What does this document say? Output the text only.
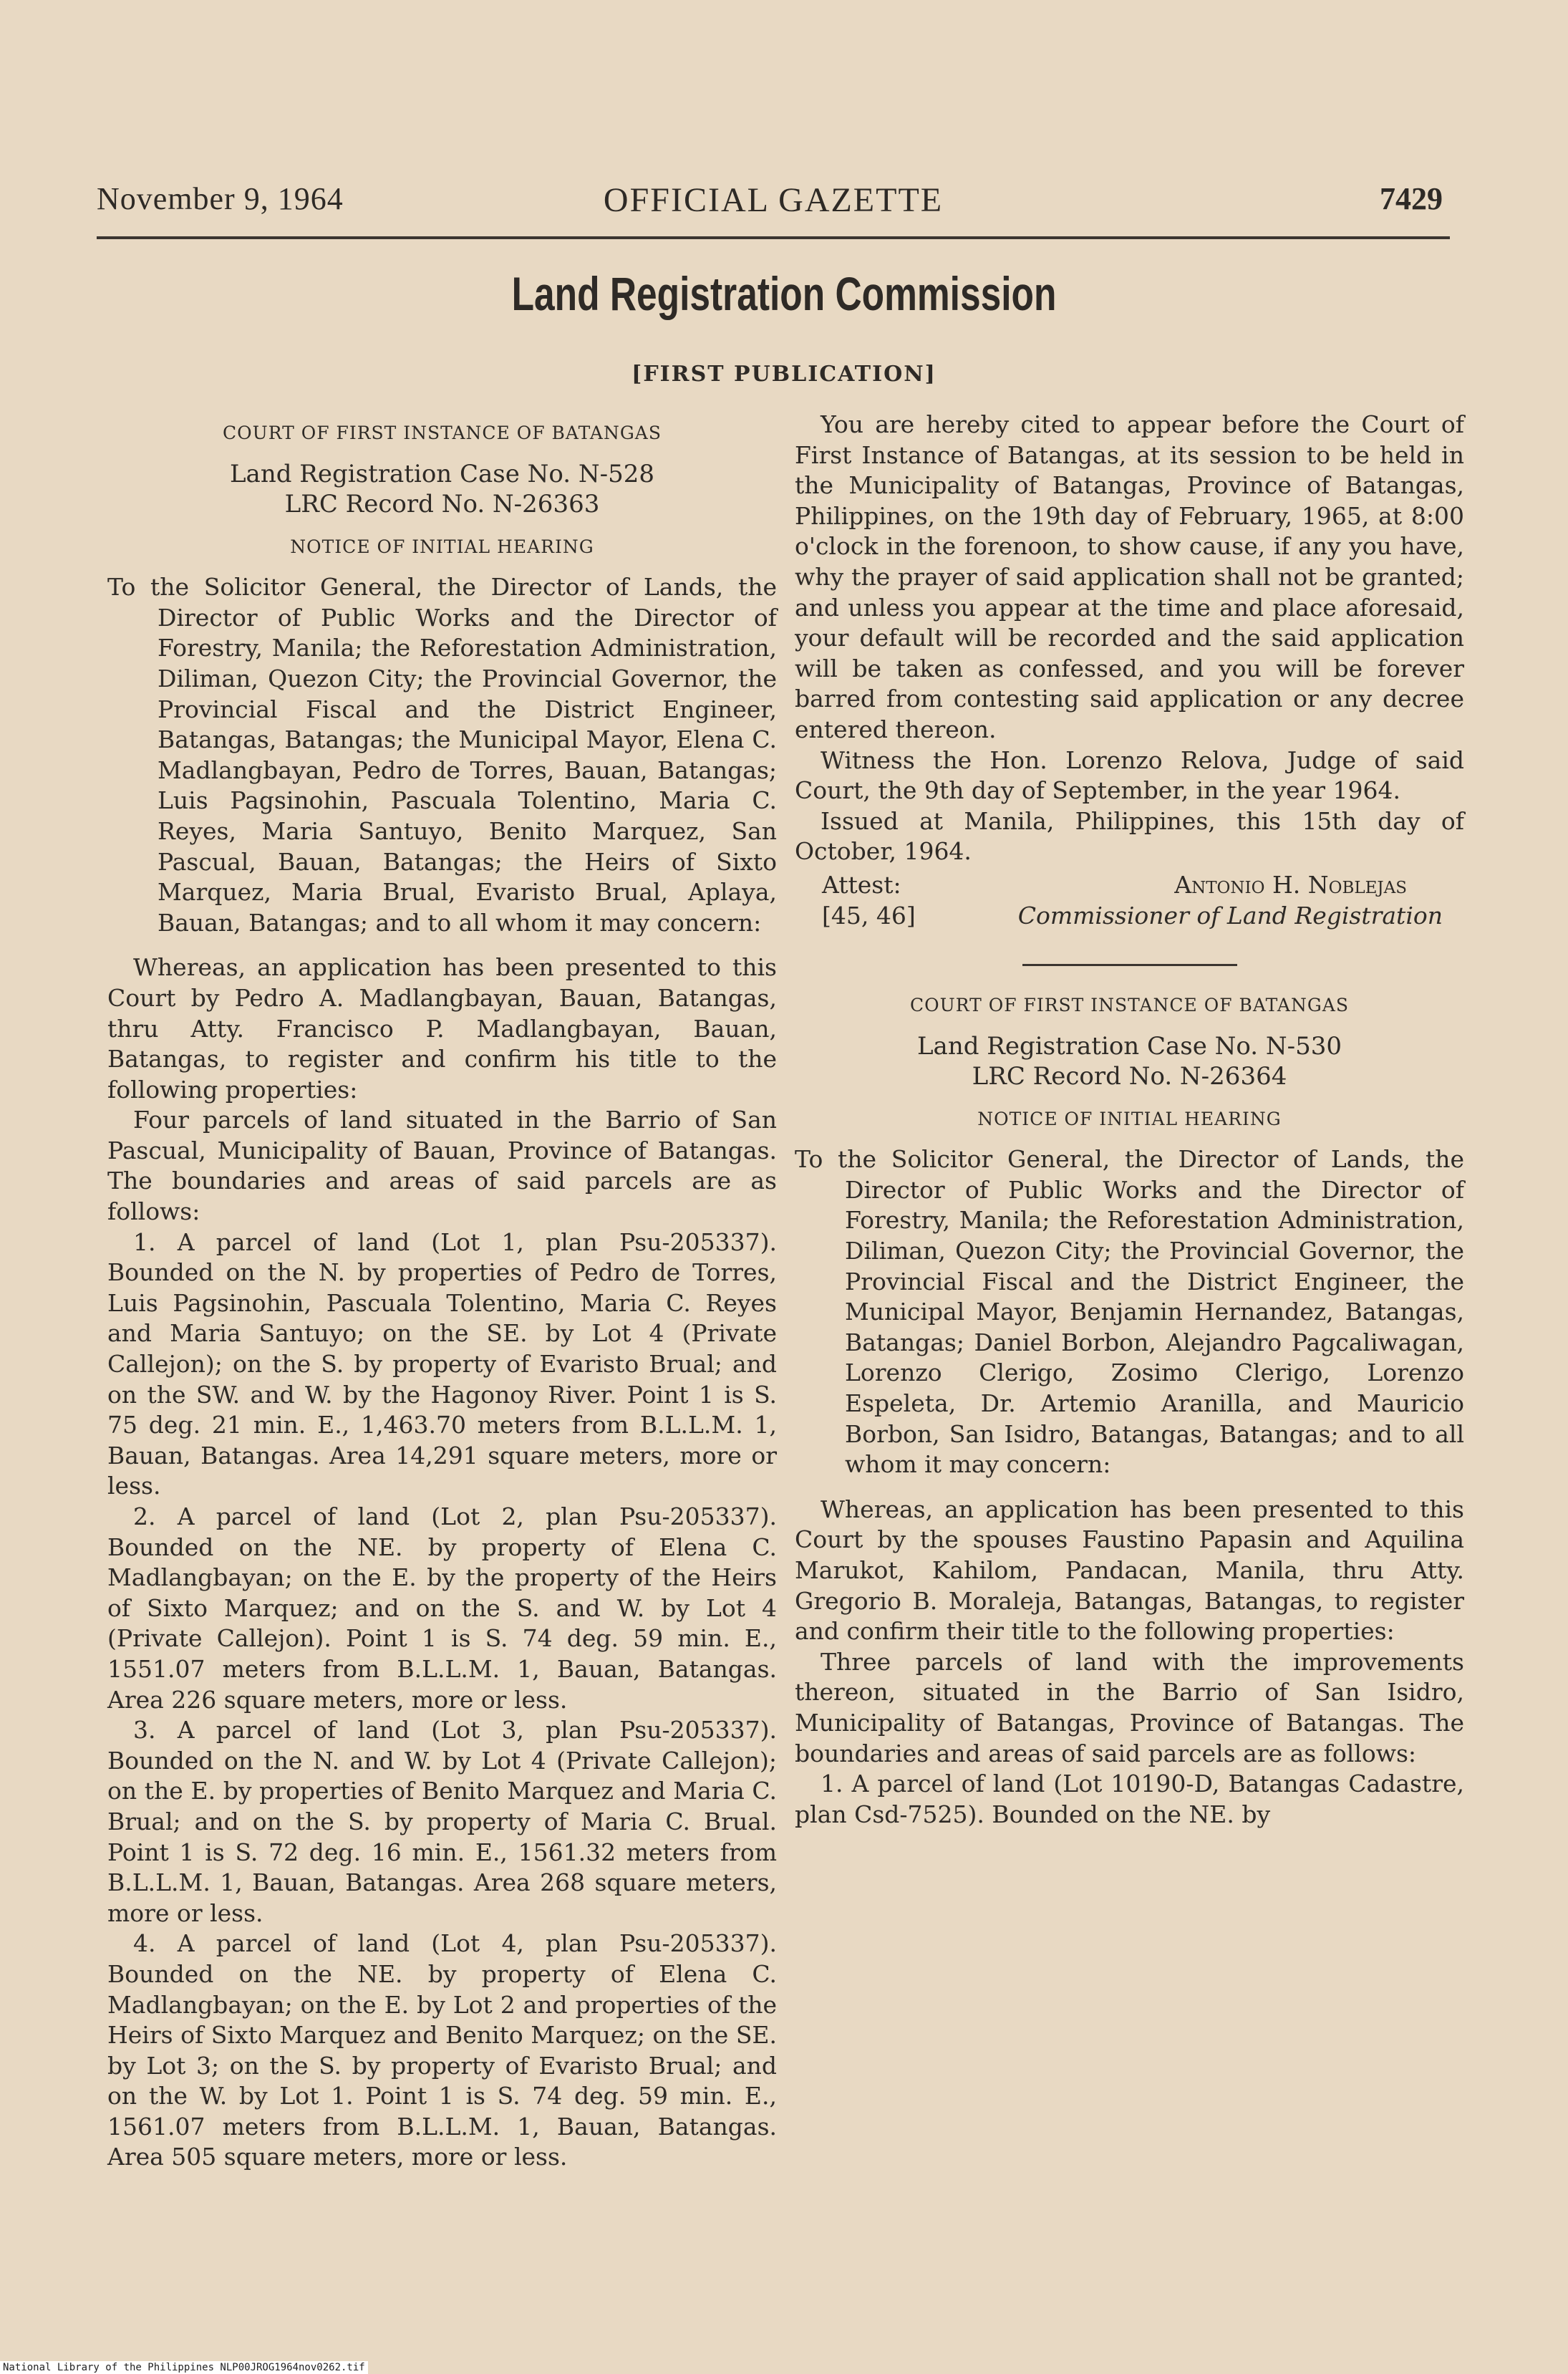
November 9, 1964	OFFICIAL GAZETTE	7429
Land Registration Commission
[FIRST PUBLICATION]
COURT OF FIRST INSTANCE OF BATANGAS
Land Registration Case No. N-528
LRC Record No. N-26363
NOTICE OF INITIAL HEARING

To the Solicitor General, the Director of Lands, the Director of Public Works and the Director of Forestry, Manila; the Reforestation Administration, Diliman, Quezon City; the Provincial Governor, the Provincial Fiscal and the District Engineer, Batangas, Batangas; the Municipal Mayor, Elena C. Madlangbayan, Pedro de Torres, Bauan, Batangas; Luis Pagsinohin, Pascuala Tolentino, Maria C. Reyes, Maria Santuyo, Benito Marquez, San Pascual, Bauan, Batangas; the Heirs of Sixto Marquez, Maria Brual, Evaristo Brual, Aplaya, Bauan, Batangas; and to all whom it may concern:

Whereas, an application has been presented to this Court by Pedro A. Madlangbayan, Bauan, Batangas, thru Atty. Francisco P. Madlangbayan, Bauan, Batangas, to register and confirm his title to the following properties:

Four parcels of land situated in the Barrio of San Pascual, Municipality of Bauan, Province of Batangas. The boundaries and areas of said parcels are as follows:

1. A parcel of land (Lot 1, plan Psu-205337). Bounded on the N. by properties of Pedro de Torres, Luis Pagsinohin, Pascuala Tolentino, Maria C. Reyes and Maria Santuyo; on the SE. by Lot 4 (Private Callejon); on the S. by property of Evaristo Brual; and on the SW. and W. by the Hagonoy River. Point 1 is S. 75 deg. 21 min. E., 1,463.70 meters from B.L.L.M. 1, Bauan, Batangas. Area 14,291 square meters, more or less.

2. A parcel of land (Lot 2, plan Psu-205337). Bounded on the NE. by property of Elena C. Madlangbayan; on the E. by the property of the Heirs of Sixto Marquez; and on the S. and W. by Lot 4 (Private Callejon). Point 1 is S. 74 deg. 59 min. E., 1551.07 meters from B.L.L.M. 1, Bauan, Batangas. Area 226 square meters, more or less.

3. A parcel of land (Lot 3, plan Psu-205337). Bounded on the N. and W. by Lot 4 (Private Callejon); on the E. by properties of Benito Marquez and Maria C. Brual; and on the S. by property of Maria C. Brual. Point 1 is S. 72 deg. 16 min. E., 1561.32 meters from B.L.L.M. 1, Bauan, Batangas. Area 268 square meters, more or less.

4. A parcel of land (Lot 4, plan Psu-205337). Bounded on the NE. by property of Elena C. Madlangbayan; on the E. by Lot 2 and properties of the Heirs of Sixto Marquez and Benito Marquez; on the SE. by Lot 3; on the S. by property of Evaristo Brual; and on the W. by Lot 1. Point 1 is S. 74 deg. 59 min. E., 1561.07 meters from B.L.L.M. 1, Bauan, Batangas. Area 505 square meters, more or less.

You are hereby cited to appear before the Court of First Instance of Batangas, at its session to be held in the Municipality of Batangas, Province of Batangas, Philippines, on the 19th day of February, 1965, at 8:00 o'clock in the forenoon, to show cause, if any you have, why the prayer of said application shall not be granted; and unless you appear at the time and place aforesaid, your default will be recorded and the said application will be taken as confessed, and you will be forever barred from contesting said application or any decree entered thereon.

Witness the Hon. Lorenzo Relova, Judge of said Court, the 9th day of September, in the year 1964.

Issued at Manila, Philippines, this 15th day of October, 1964.

Attest:	Antonio H. Noblejas
[45, 46]	Commissioner of Land Registration
COURT OF FIRST INSTANCE OF BATANGAS
Land Registration Case No. N-530
LRC Record No. N-26364
NOTICE OF INITIAL HEARING

To the Solicitor General, the Director of Lands, the Director of Public Works and the Director of Forestry, Manila; the Reforestation Administration, Diliman, Quezon City; the Provincial Governor, the Provincial Fiscal and the District Engineer, the Municipal Mayor, Benjamin Hernandez, Batangas, Batangas; Daniel Borbon, Alejandro Pagcaliwagan, Lorenzo Clerigo, Zosimo Clerigo, Lorenzo Espeleta, Dr. Artemio Aranilla, and Mauricio Borbon, San Isidro, Batangas, Batangas; and to all whom it may concern:

Whereas, an application has been presented to this Court by the spouses Faustino Papasin and Aquilina Marukot, Kahilom, Pandacan, Manila, thru Atty. Gregorio B. Moraleja, Batangas, Batangas, to register and confirm their title to the following properties:

Three parcels of land with the improvements thereon, situated in the Barrio of San Isidro, Municipality of Batangas, Province of Batangas. The boundaries and areas of said parcels are as follows:

1. A parcel of land (Lot 10190-D, Batangas Cadastre, plan Csd-7525). Bounded on the NE. by

National Library of the Philippines NLP00JROG1964nov0262.tif
